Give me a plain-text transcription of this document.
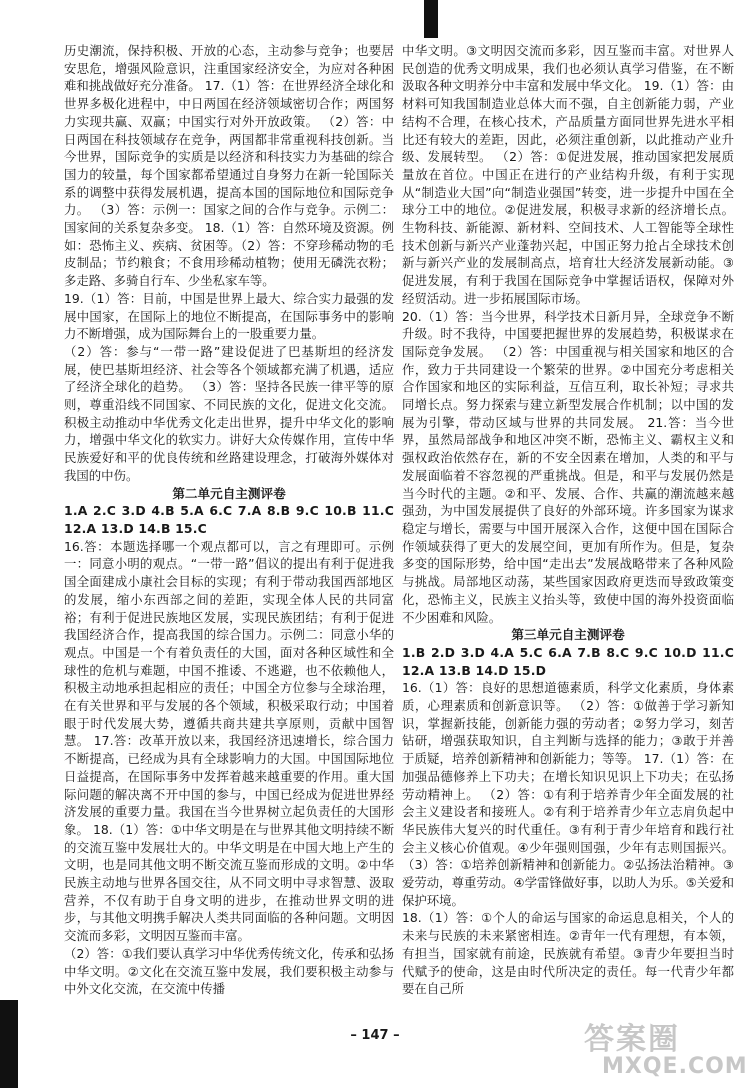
历史潮流，保持积极、开放的心态，主动参与竞争；也要居安思危，增强风险意识，注重国家经济安全，为应对各种困难和挑战做好充分准备。 17.（1）答：在世界经济全球化和世界多极化进程中，中日两国在经济领域密切合作；两国努力实现共赢、双赢；中国实行对外开放政策。 （2）答：中日两国在科技领域存在竞争，两国都非常重视科技创新。当今世界，国际竞争的实质是以经济和科技实力为基础的综合国力的较量，每个国家都希望通过自身努力在新一轮国际关系的调整中获得发展机遇，提高本国的国际地位和国际竞争力。 （3）答：示例一：国家之间的合作与竞争。示例二：国家间的关系复杂多变。 18.（1）答：自然环境及资源。例如：恐怖主义、疾病、贫困等。（2）答：不穿珍稀动物的毛皮制品；节约粮食；不食用珍稀动植物；使用无磷洗衣粉；多走路、多骑自行车、少坐私家车等。

19.（1）答：目前，中国是世界上最大、综合实力最强的发展中国家，在国际上的地位不断提高，在国际事务中的影响力不断增强，成为国际舞台上的一股重要力量。

（2）答：参与“一带一路”建设促进了巴基斯坦的经济发展，使巴基斯坦经济、社会等各个领域都充满了机遇，适应了经济全球化的趋势。 （3）答：坚持各民族一律平等的原则，尊重沿线不同国家、不同民族的文化，促进文化交流。积极主动推动中华优秀文化走出世界，提升中华文化的影响力，增强中华文化的软实力。讲好大众传媒作用，宣传中华民族爱好和平的优良传统和丝路建设理念，打破海外媒体对我国的中伤。

第二单元自主测评卷

1.A 2.C 3.D 4.B 5.A 6.C 7.A 8.B 9.C 10.B 11.C 12.A 13.D 14.B 15.C

16.答：本题选择哪一个观点都可以，言之有理即可。示例一：同意小明的观点。“一带一路”倡议的提出有利于促进我国全面建成小康社会目标的实现；有利于带动我国西部地区的发展，缩小东西部之间的差距，实现全体人民的共同富裕；有利于促进民族地区发展，实现民族团结；有利于促进我国经济合作，提高我国的综合国力。示例二：同意小华的观点。中国是一个有着负责任的大国，面对各种区域性和全球性的危机与难题，中国不推诿、不逃避，也不依赖他人，积极主动地承担起相应的责任；中国全方位参与全球治理，在有关世界和平与发展的各个领域，积极采取行动；中国着眼于时代发展大势，遵循共商共建共享原则，贡献中国智慧。 17.答：改革开放以来，我国经济迅速增长，综合国力不断提高，已经成为具有全球影响力的大国。中国国际地位日益提高，在国际事务中发挥着越来越重要的作用。重大国际问题的解决离不开中国的参与，中国已经成为促进世界经济发展的重要力量。我国在当今世界树立起负责任的大国形象。 18.（1）答：①中华文明是在与世界其他文明持续不断的交流互鉴中发展壮大的。中华文明是在中国大地上产生的文明，也是同其他文明不断交流互鉴而形成的文明。②中华民族主动地与世界各国交往，从不同文明中寻求智慧、汲取营养，不仅有助于自身文明的进步，在推动世界文明的进步，与其他文明携手解决人类共同面临的各种问题。文明因交流而多彩，文明因互鉴而丰富。

（2）答：①我们要认真学习中华优秀传统文化，传承和弘扬中华文明。②文化在交流互鉴中发展，我们要积极主动参与中外文化交流，在交流中传播

中华文明。③文明因交流而多彩，因互鉴而丰富。对世界人民创造的优秀文明成果，我们也必须认真学习借鉴，在不断汲取各种文明养分中丰富和发展中华文化。 19.（1）答：由材料可知我国制造业总体大而不强，自主创新能力弱，产业结构不合理，在核心技术，产品质量方面同世界先进水平相比还有较大的差距，因此，必须注重创新，以此推动产业升级、发展转型。 （2）答：①促进发展，推动国家把发展质量放在首位。中国正在进行的产业结构升级，有利于实现从“制造业大国”向“制造业强国”转变，进一步提升中国在全球分工中的地位。②促进发展，积极寻求新的经济增长点。生物科技、新能源、新材料、空间技术、人工智能等全球性技术创新与新兴产业蓬勃兴起，中国正努力抢占全球技术创新与新兴产业的发展制高点，培育壮大经济发展新动能。③促进发展，有利于我国在国际竞争中掌握话语权，保障对外经贸活动。进一步拓展国际市场。

20.（1）答：当今世界，科学技术日新月异，全球竞争不断升级。时不我待，中国要把握世界的发展趋势，积极谋求在国际竞争发展。 （2）答：中国重视与相关国家和地区的合作，致力于共同建设一个繁荣的世界。②中国充分考虑相关合作国家和地区的实际利益，互信互利，取长补短；寻求共同增长点。努力探索与建立新型发展合作机制；以中国的发展为引擎，带动区域与世界的共同发展。 21.答：当今世界，虽然局部战争和地区冲突不断，恐怖主义、霸权主义和强权政治依然存在，新的不安全因素在增加，人类的和平与发展面临着不容忽视的严重挑战。但是，和平与发展仍然是当今时代的主题。②和平、发展、合作、共赢的潮流越来越强劲，为中国发展提供了良好的外部环境。许多国家为谋求稳定与增长，需要与中国开展深入合作，这便中国在国际合作领域获得了更大的发展空间，更加有所作为。但是，复杂多变的国际形势，给中国“走出去”发展战略带来了各种风险与挑战。局部地区动荡，某些国家因政府更迭而导致政策变化，恐怖主义，民族主义抬头等，致使中国的海外投资面临不少困难和风险。

第三单元自主测评卷

1.B 2.D 3.D 4.A 5.C 6.A 7.B 8.C 9.C 10.D 11.C 12.A 13.B 14.D 15.D

16.（1）答：良好的思想道德素质，科学文化素质，身体素质，心理素质和创新意识等。 （2）答：①做善于学习新知识，掌握新技能，创新能力强的劳动者；②努力学习，刻苦钻研，增强获取知识，自主判断与选择的能力；③敢于并善于质疑，培养创新精神和创新能力；等等。 17.（1）答：在加强品德修养上下功夫；在增长知识见识上下功夫；在弘扬劳动精神上。 （2）答：①有利于培养青少年全面发展的社会主义建设者和接班人。②有利于培养青少年立志肩负起中华民族伟大复兴的时代重任。③有利于青少年培育和践行社会主义核心价值观。④少年强则国强，少年有志则国振兴。（3）答：①培养创新精神和创新能力。②弘扬法治精神。③爱劳动，尊重劳动。④学雷锋做好事，以助人为乐。⑤关爱和保护环境。

18.（1）答：①个人的命运与国家的命运息息相关，个人的未来与民族的未来紧密相连。②青年一代有理想，有本领，有担当，国家就有前途，民族就有希望。③青少年要担当时代赋予的使命，这是由时代所决定的责任。每一代青少年都要在自己所

– 147 –	答案圈
MXQE.COM
